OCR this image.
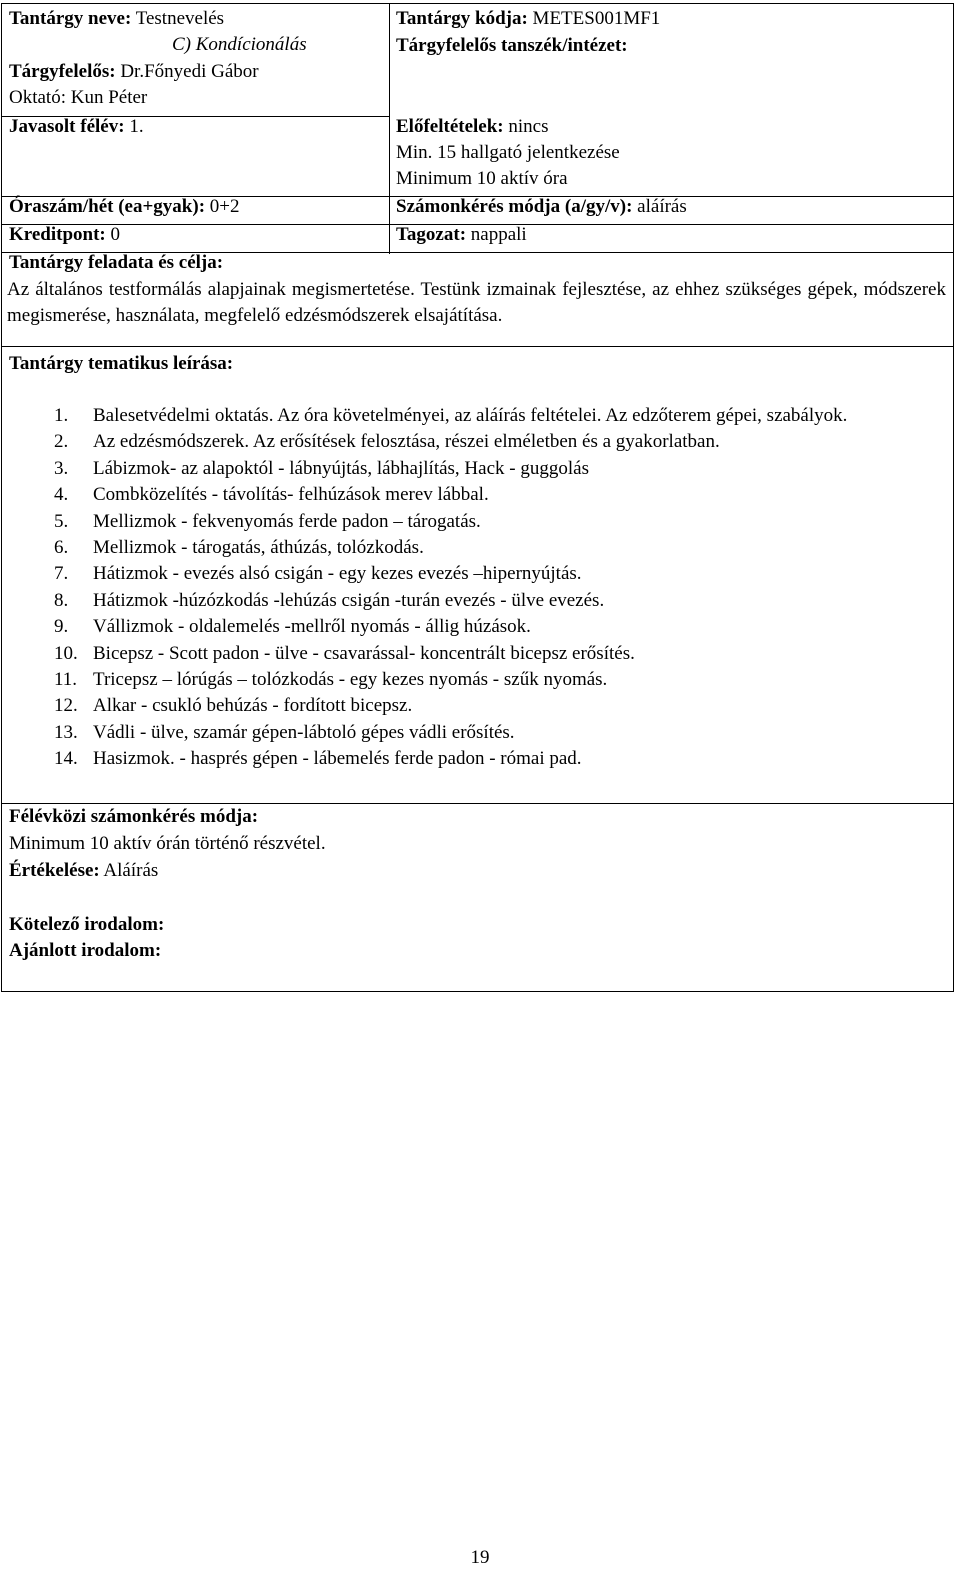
Tantárgy neve: Testnevelés
C) Kondícionálás
Tárgyfelelős: Dr.Főnyedi Gábor
Oktató: Kun Péter
Javasolt félév: 1.
Óraszám/hét (ea+gyak): 0+2
Kreditpont: 0
Tantárgy kódja: METES001MF1
Tárgyfelelős tanszék/intézet:
Előfeltételek: nincs
Min. 15 hallgató jelentkezése
Minimum 10 aktív óra
Számonkérés módja (a/gy/v): aláírás
Tagozat: nappali
Tantárgy feladata és célja:
Az általános testformálás alapjainak megismertetése. Testünk izmainak fejlesztése, az ehhez szükséges gépek, módszerek megismerése, használata, megfelelő edzésmódszerek elsajátítása.
Tantárgy tematikus leírása:
1. Balesetvédelmi oktatás. Az óra követelményei, az aláírás feltételei. Az edzőterem gépei, szabályok.
2. Az edzésmódszerek. Az erősítések felosztása, részei elméletben és a gyakorlatban.
3. Lábizmok- az alapoktól - lábnyújtás, lábhajlítás, Hack - guggolás
4. Combközelítés - távolítás- felhúzások merev lábbal.
5. Mellizmok - fekvenyomás ferde padon – tárogatás.
6. Mellizmok - tárogatás, áthúzás, tolózkodás.
7. Hátizmok - evezés alsó csigán - egy kezes evezés –hipernyújtás.
8. Hátizmok -húzózkodás -lehúzás csigán -turán evezés - ülve evezés.
9. Vállizmok - oldalemelés -mellről nyomás - állig húzások.
10. Bicepsz - Scott padon - ülve - csavarással- koncentrált bicepsz erősítés.
11. Tricepsz – lórúgás – tolózkodás - egy kezes nyomás - szűk nyomás.
12. Alkar - csukló behúzás - fordított bicepsz.
13. Vádli - ülve, szamár gépen-lábtoló gépes vádli erősítés.
14. Hasizmok. - hasprés gépen - lábemelés ferde padon - római pad.
Félévközi számonkérés módja:
Minimum 10 aktív órán történő részvétel.
Értékelése: Aláírás
Kötelező irodalom:
Ajánlott irodalom:
19
